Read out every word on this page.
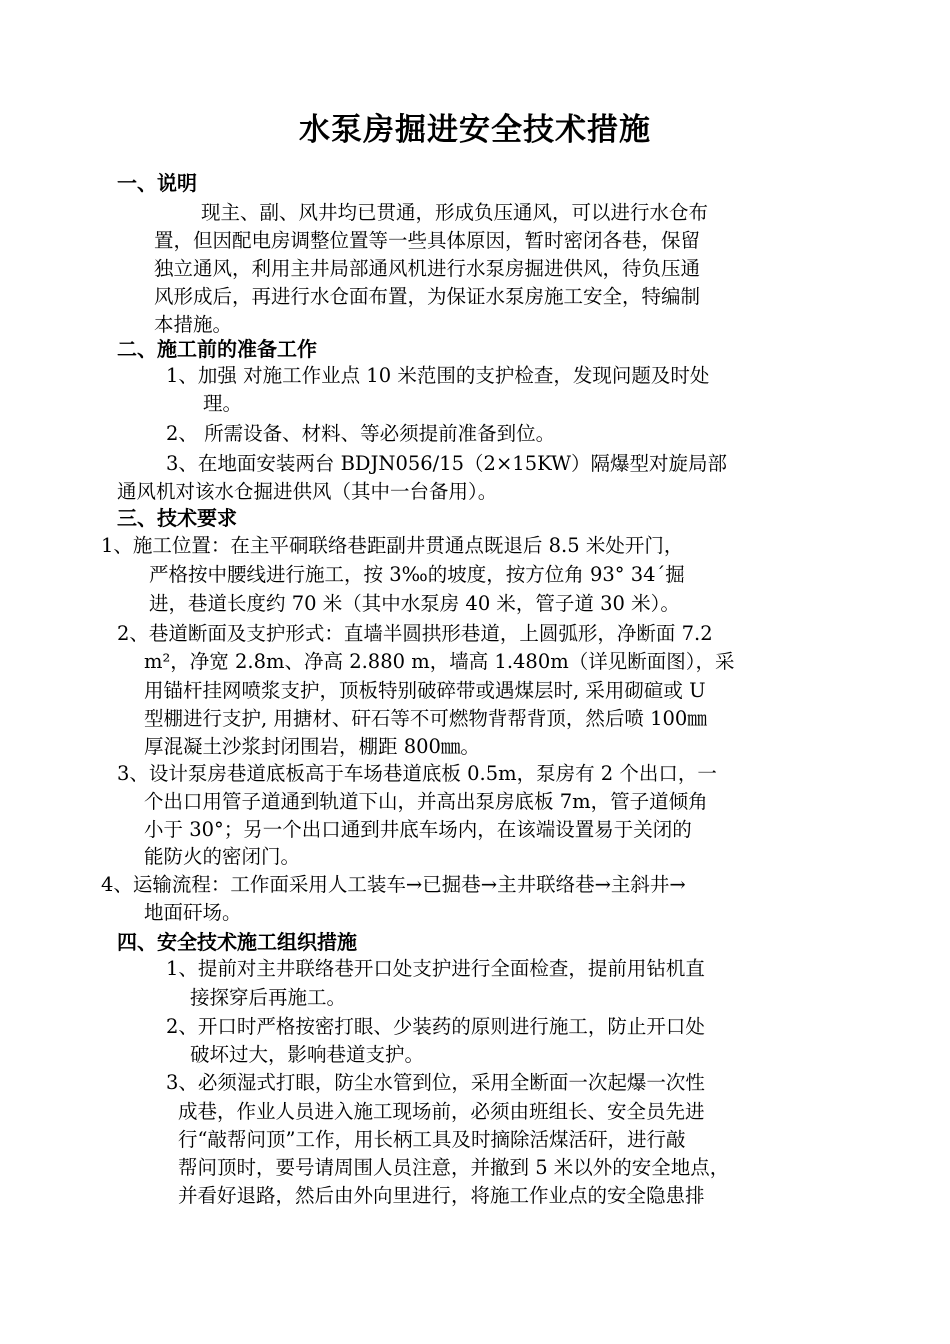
水泵房掘进安全技术措施
一、说明
现主、副、风井均已贯通，形成负压通风，可以进行水仓布
置，但因配电房调整位置等一些具体原因，暂时密闭各巷，保留
独立通风，利用主井局部通风机进行水泵房掘进供风，待负压通
风形成后，再进行水仓面布置，为保证水泵房施工安全，特编制
本措施。
二、施工前的准备工作
1、加强 对施工作业点 10 米范围的支护检查，发现问题及时处
理。
2、 所需设备、材料、等必须提前准备到位。
3、在地面安装两台 BDJN056/15（2×15KW）隔爆型对旋局部
通风机对该水仓掘进供风（其中一台备用）。
三、技术要求
1、施工位置：在主平硐联络巷距副井贯通点既退后 8.5 米处开门，
严格按中腰线进行施工，按 3‰的坡度，按方位角 93° 34´掘
进，巷道长度约 70 米（其中水泵房 40 米，管子道 30 米）。
2、巷道断面及支护形式：直墙半圆拱形巷道，上圆弧形，净断面 7.2
m²，净宽 2.8m、净高 2.880 m，墙高 1.480m（详见断面图），采
用锚杆挂网喷浆支护，顶板特别破碎带或遇煤层时, 采用砌碹或 U
型棚进行支护, 用搪材、矸石等不可燃物背帮背顶，然后喷 100㎜
厚混凝土沙浆封闭围岩，棚距 800㎜。
3、设计泵房巷道底板高于车场巷道底板 0.5m，泵房有 2 个出口，一
个出口用管子道通到轨道下山，并高出泵房底板 7m，管子道倾角
小于 30°；另一个出口通到井底车场内，在该端设置易于关闭的
能防火的密闭门。
4、运输流程：工作面采用人工装车→已掘巷→主井联络巷→主斜井→
地面矸场。
四、安全技术施工组织措施
1、提前对主井联络巷开口处支护进行全面检查，提前用钻机直
接探穿后再施工。
2、开口时严格按密打眼、少装药的原则进行施工，防止开口处
破坏过大，影响巷道支护。
3、必须湿式打眼，防尘水管到位，采用全断面一次起爆一次性
成巷，作业人员进入施工现场前，必须由班组长、安全员先进
行“敲帮问顶”工作，用长柄工具及时摘除活煤活矸，进行敲
帮问顶时，要号请周围人员注意，并撤到 5 米以外的安全地点，
并看好退路，然后由外向里进行，将施工作业点的安全隐患排
